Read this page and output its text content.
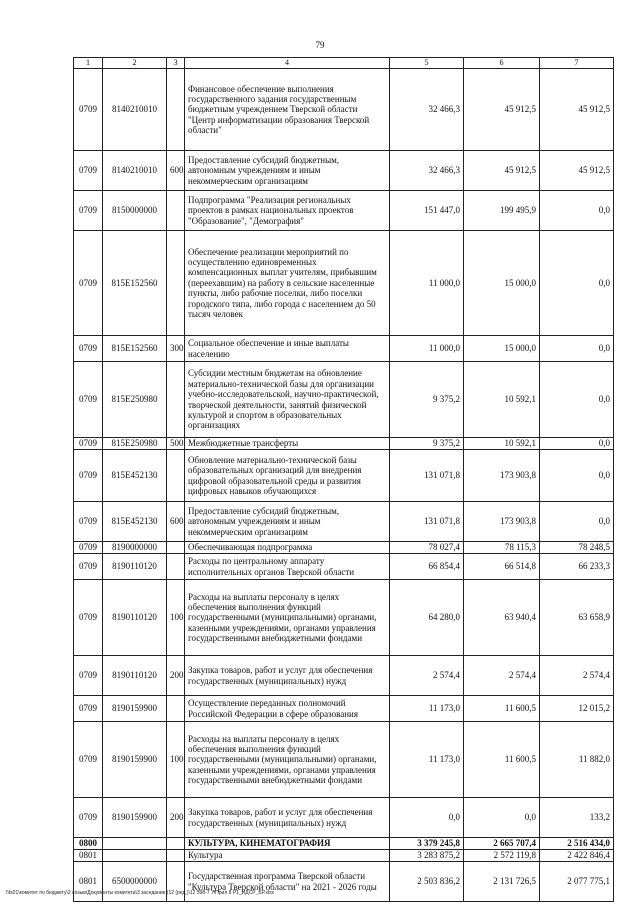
79
1	2	3	4	5	6	7
0709	8140210010		Финансовое обеспечение выполнения государственного задания государственным бюджетным учреждением Тверской области "Центр информатизации образования Тверской области"	32 466,3	45 912,5	45 912,5
0709	8140210010	600	Предоставление субсидий бюджетным, автономным учреждениям и иным некоммерческим организациям	32 466,3	45 912,5	45 912,5
0709	8150000000		Подпрограмма "Реализация региональных проектов в рамках национальных проектов "Образование", "Демография"	151 447,0	199 495,9	0,0
0709	815E152560		Обеспечение реализации мероприятий по осуществлению единовременных компенсационных выплат учителям, прибывшим (переехавшим) на работу в сельские населенные пункты, либо рабочие поселки, либо поселки городского типа, либо города с населением до 50 тысяч человек	11 000,0	15 000,0	0,0
0709	815E152560	300	Социальное обеспечение и иные выплаты населению	11 000,0	15 000,0	0,0
0709	815E250980		Субсидии местным бюджетам на обновление материально-технической базы для организации учебно-исследовательской, научно-практической, творческой деятельности, занятий физической культурой и спортом в образовательных организациях	9 375,2	10 592,1	0,0
0709	815E250980	500	Межбюджетные трансферты	9 375,2	10 592,1	0,0
0709	815E452130		Обновление материально-технической базы образовательных организаций для внедрения цифровой образовательной среды и развития цифровых навыков обучающихся	131 071,8	173 903,8	0,0
0709	815E452130	600	Предоставление субсидий бюджетным, автономным учреждениям и иным некоммерческим организациям	131 071,8	173 903,8	0,0
0709	8190000000		Обеспечивающая подпрограмма	78 027,4	78 115,3	78 248,5
0709	8190110120		Расходы по центральному аппарату исполнительных органов Тверской области	66 854,4	66 514,8	66 233,3
0709	8190110120	100	Расходы на выплаты персоналу в целях обеспечения выполнения функций государственными (муниципальными) органами, казенными учреждениями, органами управления государственными внебюджетными фондами	64 280,0	63 940,4	63 658,9
0709	8190110120	200	Закупка товаров, работ и услуг для обеспечения государственных (муниципальных) нужд	2 574,4	2 574,4	2 574,4
0709	8190159900		Осуществление переданных полномочий Российской Федерации в сфере образования	11 173,0	11 600,5	12 015,2
0709	8190159900	100	Расходы на выплаты персоналу в целях обеспечения выполнения функций государственными (муниципальными) органами, казенными учреждениями, органами управления государственными внебюджетными фондами	11 173,0	11 600,5	11 882,0
0709	8190159900	200	Закупка товаров, работ и услуг для обеспечения государственных (муниципальных) нужд	0,0	0,0	133,2
0800			КУЛЬТУРА, КИНЕМАТОГРАФИЯ	3 379 245,8	2 665 707,4	2 516 434,0
0801			Культура	3 283 875,2	2 572 119,8	2 422 846,4
0801	6500000000		Государственная программа Тверской области "Культура Тверской области" на 2021 - 2026 годы	2 503 836,2	2 131 726,5	2 077 775,1
\\fs01\комитет по бюджету\2 созыв\Документы комитета\3 заседание (12 (ред.)\12 398-7 7\Прил 8 Р1_ИДСР_БР.xlsx
